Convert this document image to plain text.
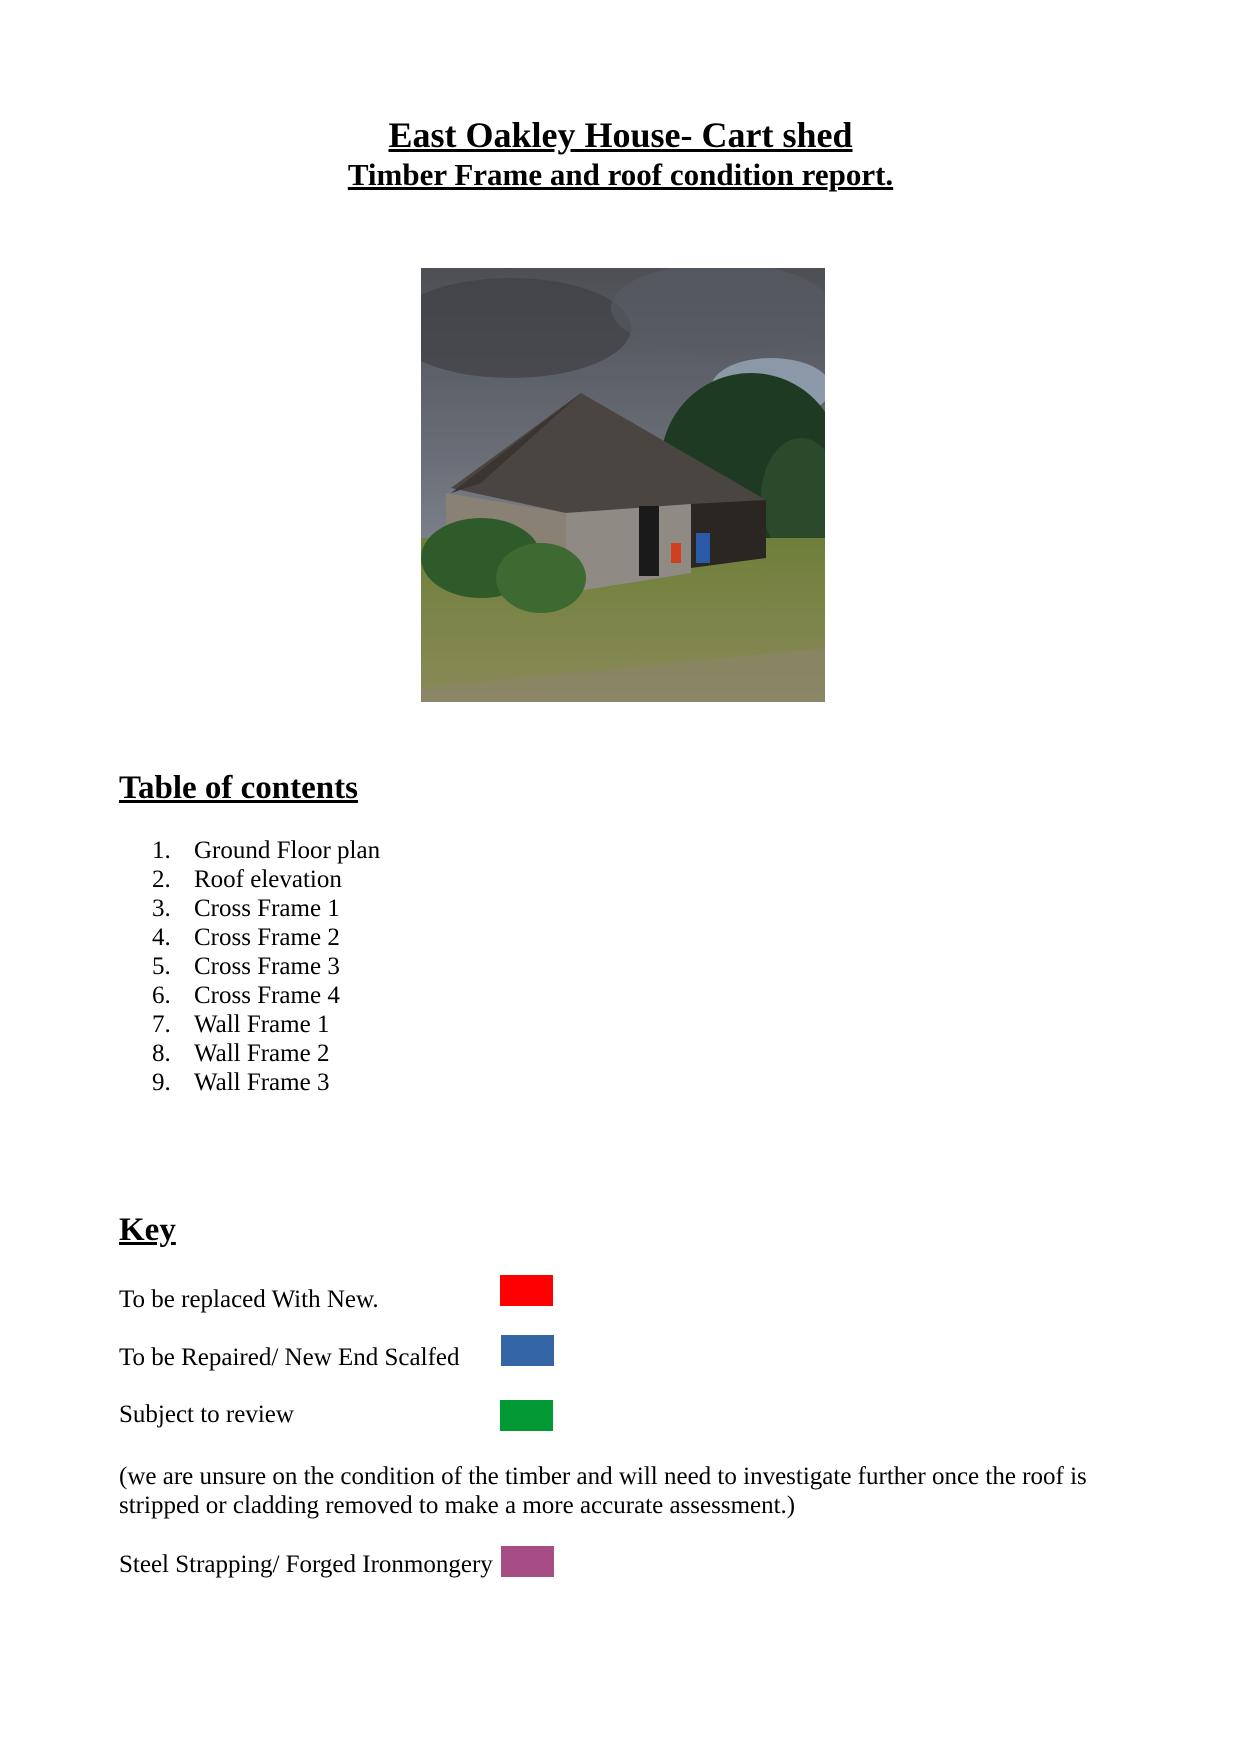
East Oakley House- Cart shed

Timber Frame and roof condition report.

Table of contents
1. Ground Floor plan
2. Roof elevation
3. Cross Frame 1
4. Cross Frame 2
5. Cross Frame 3
6. Cross Frame 4
7. Wall Frame 1
8. Wall Frame 2
9. Wall Frame 3
Key
To be replaced With New.
To be Repaired/ New End Scalfed
Subject to review
(we are unsure on the condition of the timber and will need to investigate further once the roof is stripped or cladding removed to make a more accurate assessment.)
Steel Strapping/ Forged Ironmongery
